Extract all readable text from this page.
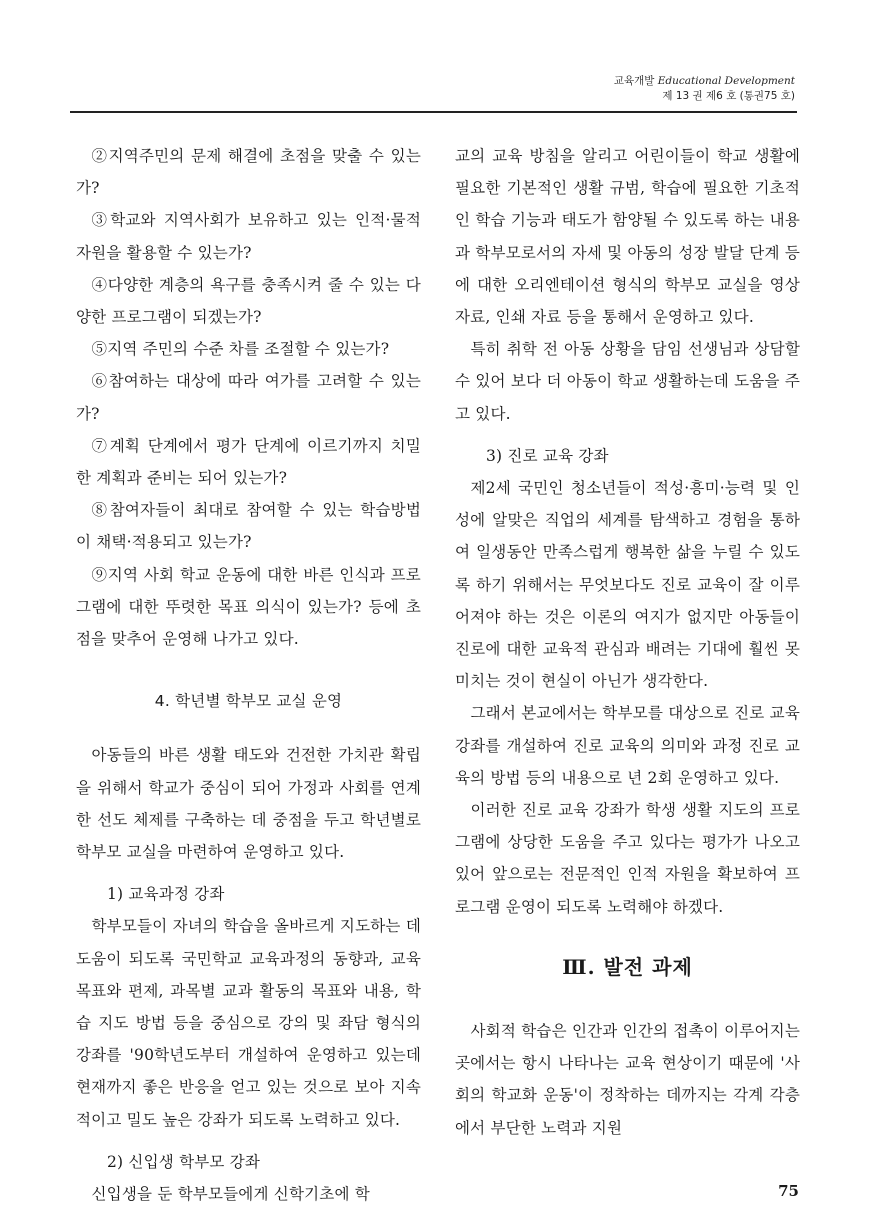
교육개발 Educational Development
제 13 권 제6 호 (통권75 호)

②지역주민의 문제 해결에 초점을 맞출 수 있는가?

③학교와 지역사회가 보유하고 있는 인적·물적 자원을 활용할 수 있는가?

④다양한 계층의 욕구를 충족시켜 줄 수 있는 다양한 프로그램이 되겠는가?

⑤지역 주민의 수준 차를 조절할 수 있는가?

⑥참여하는 대상에 따라 여가를 고려할 수 있는가?

⑦계획 단계에서 평가 단계에 이르기까지 치밀한 계획과 준비는 되어 있는가?

⑧참여자들이 최대로 참여할 수 있는 학습방법이 채택·적용되고 있는가?

⑨지역 사회 학교 운동에 대한 바른 인식과 프로그램에 대한 뚜렷한 목표 의식이 있는가? 등에 초점을 맞추어 운영해 나가고 있다.

4. 학년별 학부모 교실 운영

아동들의 바른 생활 태도와 건전한 가치관 확립을 위해서 학교가 중심이 되어 가정과 사회를 연계한 선도 체제를 구축하는 데 중점을 두고 학년별로 학부모 교실을 마련하여 운영하고 있다.

1) 교육과정 강좌

학부모들이 자녀의 학습을 올바르게 지도하는 데 도움이 되도록 국민학교 교육과정의 동향과, 교육 목표와 편제, 과목별 교과 활동의 목표와 내용, 학습 지도 방법 등을 중심으로 강의 및 좌담 형식의 강좌를 '90학년도부터 개설하여 운영하고 있는데 현재까지 좋은 반응을 얻고 있는 것으로 보아 지속적이고 밀도 높은 강좌가 되도록 노력하고 있다.

2) 신입생 학부모 강좌

신입생을 둔 학부모들에게 신학기초에 학

교의 교육 방침을 알리고 어린이들이 학교 생활에 필요한 기본적인 생활 규범, 학습에 필요한 기초적인 학습 기능과 태도가 함양될 수 있도록 하는 내용과 학부모로서의 자세 및 아동의 성장 발달 단계 등에 대한 오리엔테이션 형식의 학부모 교실을 영상 자료, 인쇄 자료 등을 통해서 운영하고 있다.

특히 취학 전 아동 상황을 담임 선생님과 상담할 수 있어 보다 더 아동이 학교 생활하는데 도움을 주고 있다.

3) 진로 교육 강좌

제2세 국민인 청소년들이 적성·흥미·능력 및 인성에 알맞은 직업의 세계를 탐색하고 경험을 통하여 일생동안 만족스럽게 행복한 삶을 누릴 수 있도록 하기 위해서는 무엇보다도 진로 교육이 잘 이루어져야 하는 것은 이론의 여지가 없지만 아동들이 진로에 대한 교육적 관심과 배려는 기대에 훨씬 못 미치는 것이 현실이 아닌가 생각한다.

그래서 본교에서는 학부모를 대상으로 진로 교육 강좌를 개설하여 진로 교육의 의미와 과정 진로 교육의 방법 등의 내용으로 년 2회 운영하고 있다.

이러한 진로 교육 강좌가 학생 생활 지도의 프로그램에 상당한 도움을 주고 있다는 평가가 나오고 있어 앞으로는 전문적인 인적 자원을 확보하여 프로그램 운영이 되도록 노력해야 하겠다.

Ⅲ. 발전 과제

사회적 학습은 인간과 인간의 접촉이 이루어지는 곳에서는 항시 나타나는 교육 현상이기 때문에 '사회의 학교화 운동'이 정착하는 데까지는 각계 각층에서 부단한 노력과 지원

75
